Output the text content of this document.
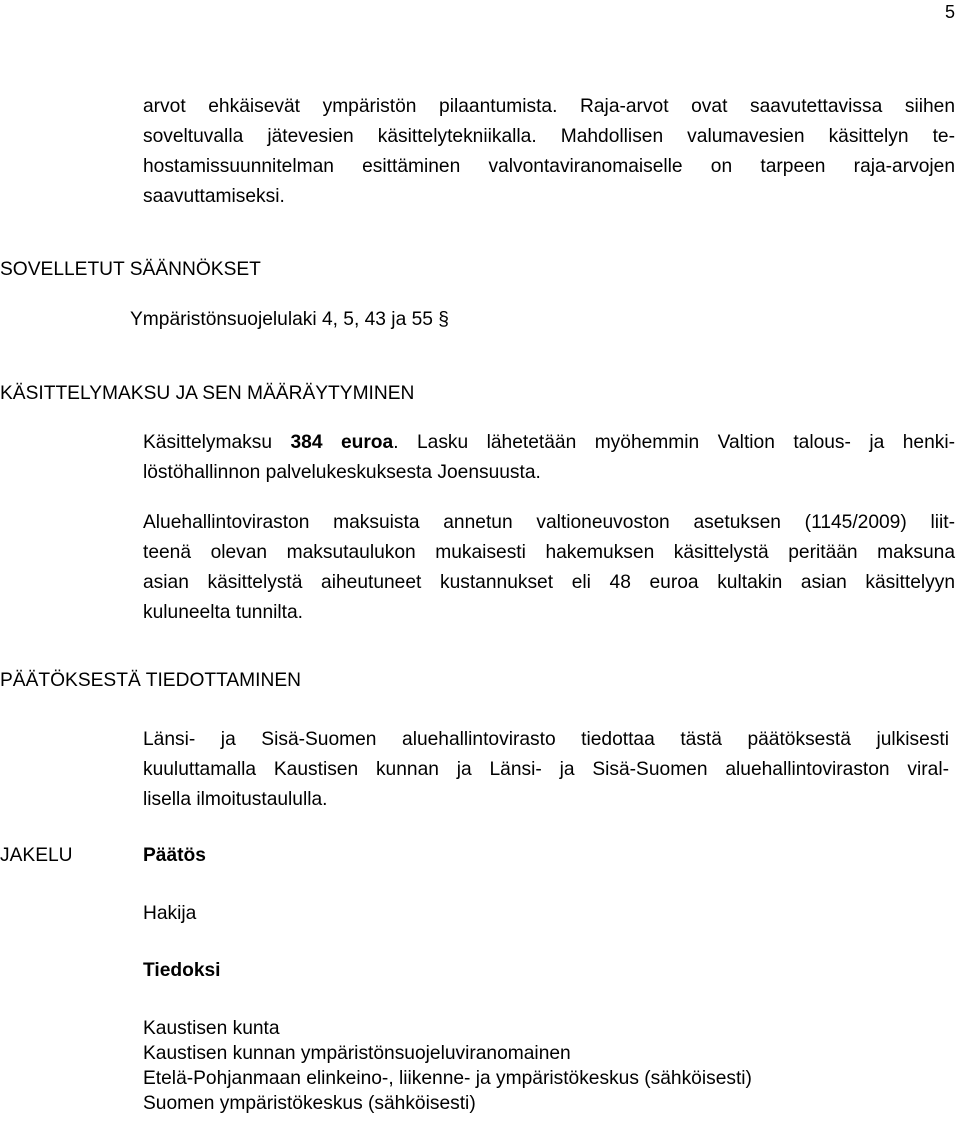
5
arvot ehkäisevät ympäristön pilaantumista. Raja-arvot ovat saavutettavissa siihen
soveltuvalla jätevesien käsittelytekniikalla. Mahdollisen valumavesien käsittelyn te-
hostamissuunnitelman esittäminen valvontaviranomaiselle on tarpeen raja-arvojen
saavuttamiseksi.
SOVELLETUT SÄÄNNÖKSET
Ympäristönsuojelulaki 4, 5, 43 ja 55 §
KÄSITTELYMAKSU JA SEN MÄÄRÄYTYMINEN
Käsittelymaksu 384 euroa. Lasku lähetetään myöhemmin Valtion talous- ja henki-
löstöhallinnon palvelukeskuksesta Joensuusta.
Aluehallintoviraston maksuista annetun valtioneuvoston asetuksen (1145/2009) liit-
teenä olevan maksutaulukon mukaisesti hakemuksen käsittelystä peritään maksuna
asian käsittelystä aiheutuneet kustannukset eli 48 euroa kultakin asian käsittelyyn
kuluneelta tunnilta.
PÄÄTÖKSESTÄ TIEDOTTAMINEN
Länsi- ja Sisä-Suomen aluehallintovirasto tiedottaa tästä päätöksestä julkisesti
kuuluttamalla Kaustisen kunnan ja Länsi- ja Sisä-Suomen aluehallintoviraston viral-
lisella ilmoitustaululla.
JAKELU	Päätös
Hakija
Tiedoksi
Kaustisen kunta
Kaustisen kunnan ympäristönsuojeluviranomainen
Etelä-Pohjanmaan elinkeino-, liikenne- ja ympäristökeskus (sähköisesti)
Suomen ympäristökeskus (sähköisesti)
